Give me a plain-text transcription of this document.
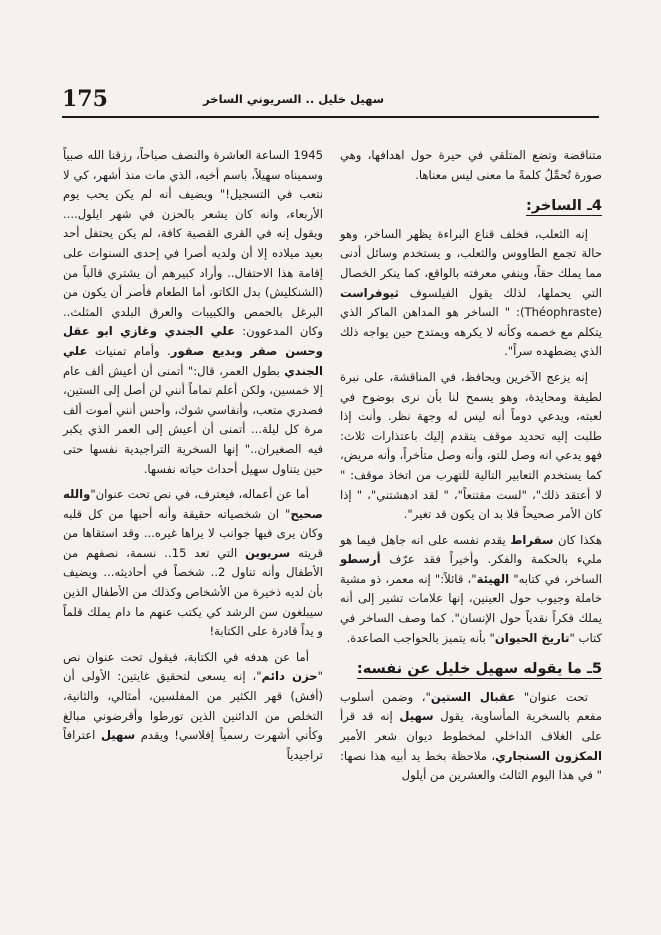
175	سهيل خليل .. السريوني الساخر

متناقضة وتضع المتلقي في حيرة حول اهدافها، وهي صورة تُحمِّلُ كلمةً ما معنى ليس معناها.

4ـ الساخر:

إنه الثعلب، فخلف قناع البراءة يظهر الساخر، وهو حالة تجمع الطاووس والثعلب، و يستخدم وسائل أدنى مما يملك حقاً، وينفي معرفته بالواقع، كما ينكر الخصال التي يحملها، لذلك يقول الفيلسوف ثيوفراست (Théophraste): " الساخر هو المداهن الماكر الذي يتكلم مع خصمه وكأنه لا يكرهه ويمتدح حين يواجه ذلك الذي يضطهده سراً".

إنه يزعج الآخرين ويحافظ، في المناقشة، على نبرة لطيفة ومحايدة، وهو يسمح لنا بأن نرى بوضوح في لعبته، ويدعي دوماً أنه ليس له وجهة نظر. وأنت إذا طلبت إليه تحديد موقف يتقدم إليك باعتذارات ثلاث: فهو يدعي انه وصل للتو، وأنه وصل متأخراً، وأنه مريض، كما يستخدم التعابير التالية للتهرب من اتخاذ موقف: " لا أعتقد ذلك"، "لست مقتنعاً"، " لقد ادهشتني"، " إذا كان الأمر صحيحاً فلا بد ان يكون قد تغير".

هكذا كان سقراط يقدم نفسه على انه جاهل فيما هو مليء بالحكمة والفكر. وأخيراً فقد عرّف أرسطو الساخر، في كتابه" الهيئة"، قائلاً:" إنه معمر، ذو مشية خاملة وجيوب حول العينين، إنها علامات تشير إلى أنه يملك فكراً نقدياً حول الإنسان". كما وصف الساخر في كتاب "تاريخ الحيوان" بأنه يتميز بالحواجب الصاعدة.

5ـ ما يقوله سهيل خليل عن نفسه:

تحت عنوان" عقبال الستين"، وضمن أسلوب مفعم بالسخرية المأساوية، يقول سهيل إنه قد قرأ على الغلاف الداخلي لمخطوط ديوان شعر الأمير المكزون السنجاري، ملاحظة بخط يد أبيه هذا نصها: " في هذا اليوم الثالث والعشرين من أيلول

1945 الساعة العاشرة والنصف صباحاً، رزقنا الله صبياً وسميناه سهيلاً، باسم أخيه، الذي مات منذ أشهر، كي لا نتعب في التسجيل!" ويضيف أنه لم يكن يحب يوم الأربعاء، وانه كان يشعر بالحزن في شهر ايلول.... ويقول إنه في القرى القصية كافة، لم يكن يحتفل أحد بعيد ميلاده إلا أن ولديه أصرا في إحدى السنوات على إقامة هذا الاحتفال.. وأراد كبيرهم أن يشتري قالباً من (الشنكليش) بدل الكاتو، أما الطعام فأصر أن يكون من البرغل بالحمص والكبيبات والعرق البلدي المثلث.. وكان المدعوون: علي الجندي وغازي ابو عقل وحسن صقر وبديع صقور. وأمام تمنيات علي الجندي بطول العمر، قال:" أتمنى أن أعيش ألف عام إلا خمسين، ولكن أعلم تماماً أنني لن أصل إلى الستين، فصدري متعب، وأنفاسي شوك، وأحس أنني أموت ألف مرة كل ليلة... أتمنى أن أعيش إلى العمر الذي يكبر فيه الصغيران.." إنها السخرية التراجيدية نفسها حتى حين يتناول سهيل أحداث حياته نفسها.

أما عن أعماله، فيعترف، في نص تحت عنوان"والله صحيح" ان شخصياته حقيقة وأنه أحبها من كل قلبه وكان يرى فيها جوانب لا يراها غيره... وقد استقاها من قريته سريوين التي تعد 15.. نسمة، نصفهم من الأطفال وأنه تناول 2.. شخصاً في أحاديثه... ويضيف بأن لديه ذخيرة من الأشخاص وكذلك من الأطفال الذين سيبلغون سن الرشد كي يكتب عنهم ما دام يملك قلماً و يداً قادرة على الكتابة!

أما عن هدفه في الكتابة، فيقول تحت عنوان نص "حزن دائم"، إنه يسعى لتحقيق غايتين: الأولى أن (أفش) قهر الكثير من المفلسين، أمثالي، والثانية، التخلص من الدائنين الذين تورطوا وأقرضوني مبالغ وكأني أشهرت رسمياً إفلاسي! ويقدم سهيل اعترافاً تراجيدياً
